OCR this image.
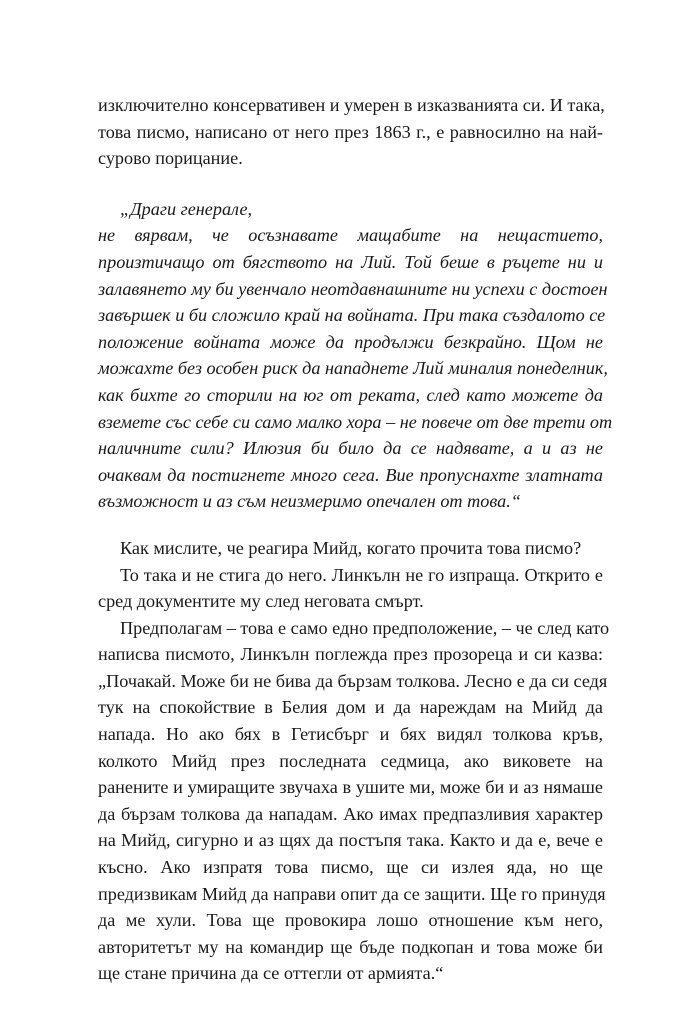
изключително консервативен и умерен в изказванията си. И така,
това писмо, написано от него през 1863 г., е равносилно на най-
сурово порицание.

„Драги генерале,
не вярвам, че осъзнавате мащабите на нещастието,
произтичащо от бягството на Лий. Той беше в ръцете ни и
залавянето му би увенчало неотдавнашните ни успехи с достоен
завършек и би сложило край на войната. При така създалото се
положение войната може да продължи безкрайно. Щом не
можахте без особен риск да нападнете Лий миналия понеделник,
как бихте го сторили на юг от реката, след като можете да
вземете със себе си само малко хора – не повече от две трети от
наличните сили? Илюзия би било да се надявате, а и аз не
очаквам да постигнете много сега. Вие пропуснахте златната
възможност и аз съм неизмеримо опечален от това.“

Как мислите, че реагира Мийд, когато прочита това писмо?

То така и не стига до него. Линкълн не го изпраща. Открито е
сред документите му след неговата смърт.

Предполагам – това е само едно предположение, – че след като
написва писмото, Линкълн поглежда през прозореца и си казва:
„Почакай. Може би не бива да бързам толкова. Лесно е да си седя
тук на спокойствие в Белия дом и да нареждам на Мийд да
напада. Но ако бях в Гетисбърг и бях видял толкова кръв,
колкото Мийд през последната седмица, ако виковете на
ранените и умиращите звучаха в ушите ми, може би и аз нямаше
да бързам толкова да нападам. Ако имах предпазливия характер
на Мийд, сигурно и аз щях да постъпя така. Както и да е, вече е
късно. Ако изпратя това писмо, ще си излея яда, но ще
предизвикам Мийд да направи опит да се защити. Ще го принудя
да ме хули. Това ще провокира лошо отношение към него,
авторитетът му на командир ще бъде подкопан и това може би
ще стане причина да се оттегли от армията.“
